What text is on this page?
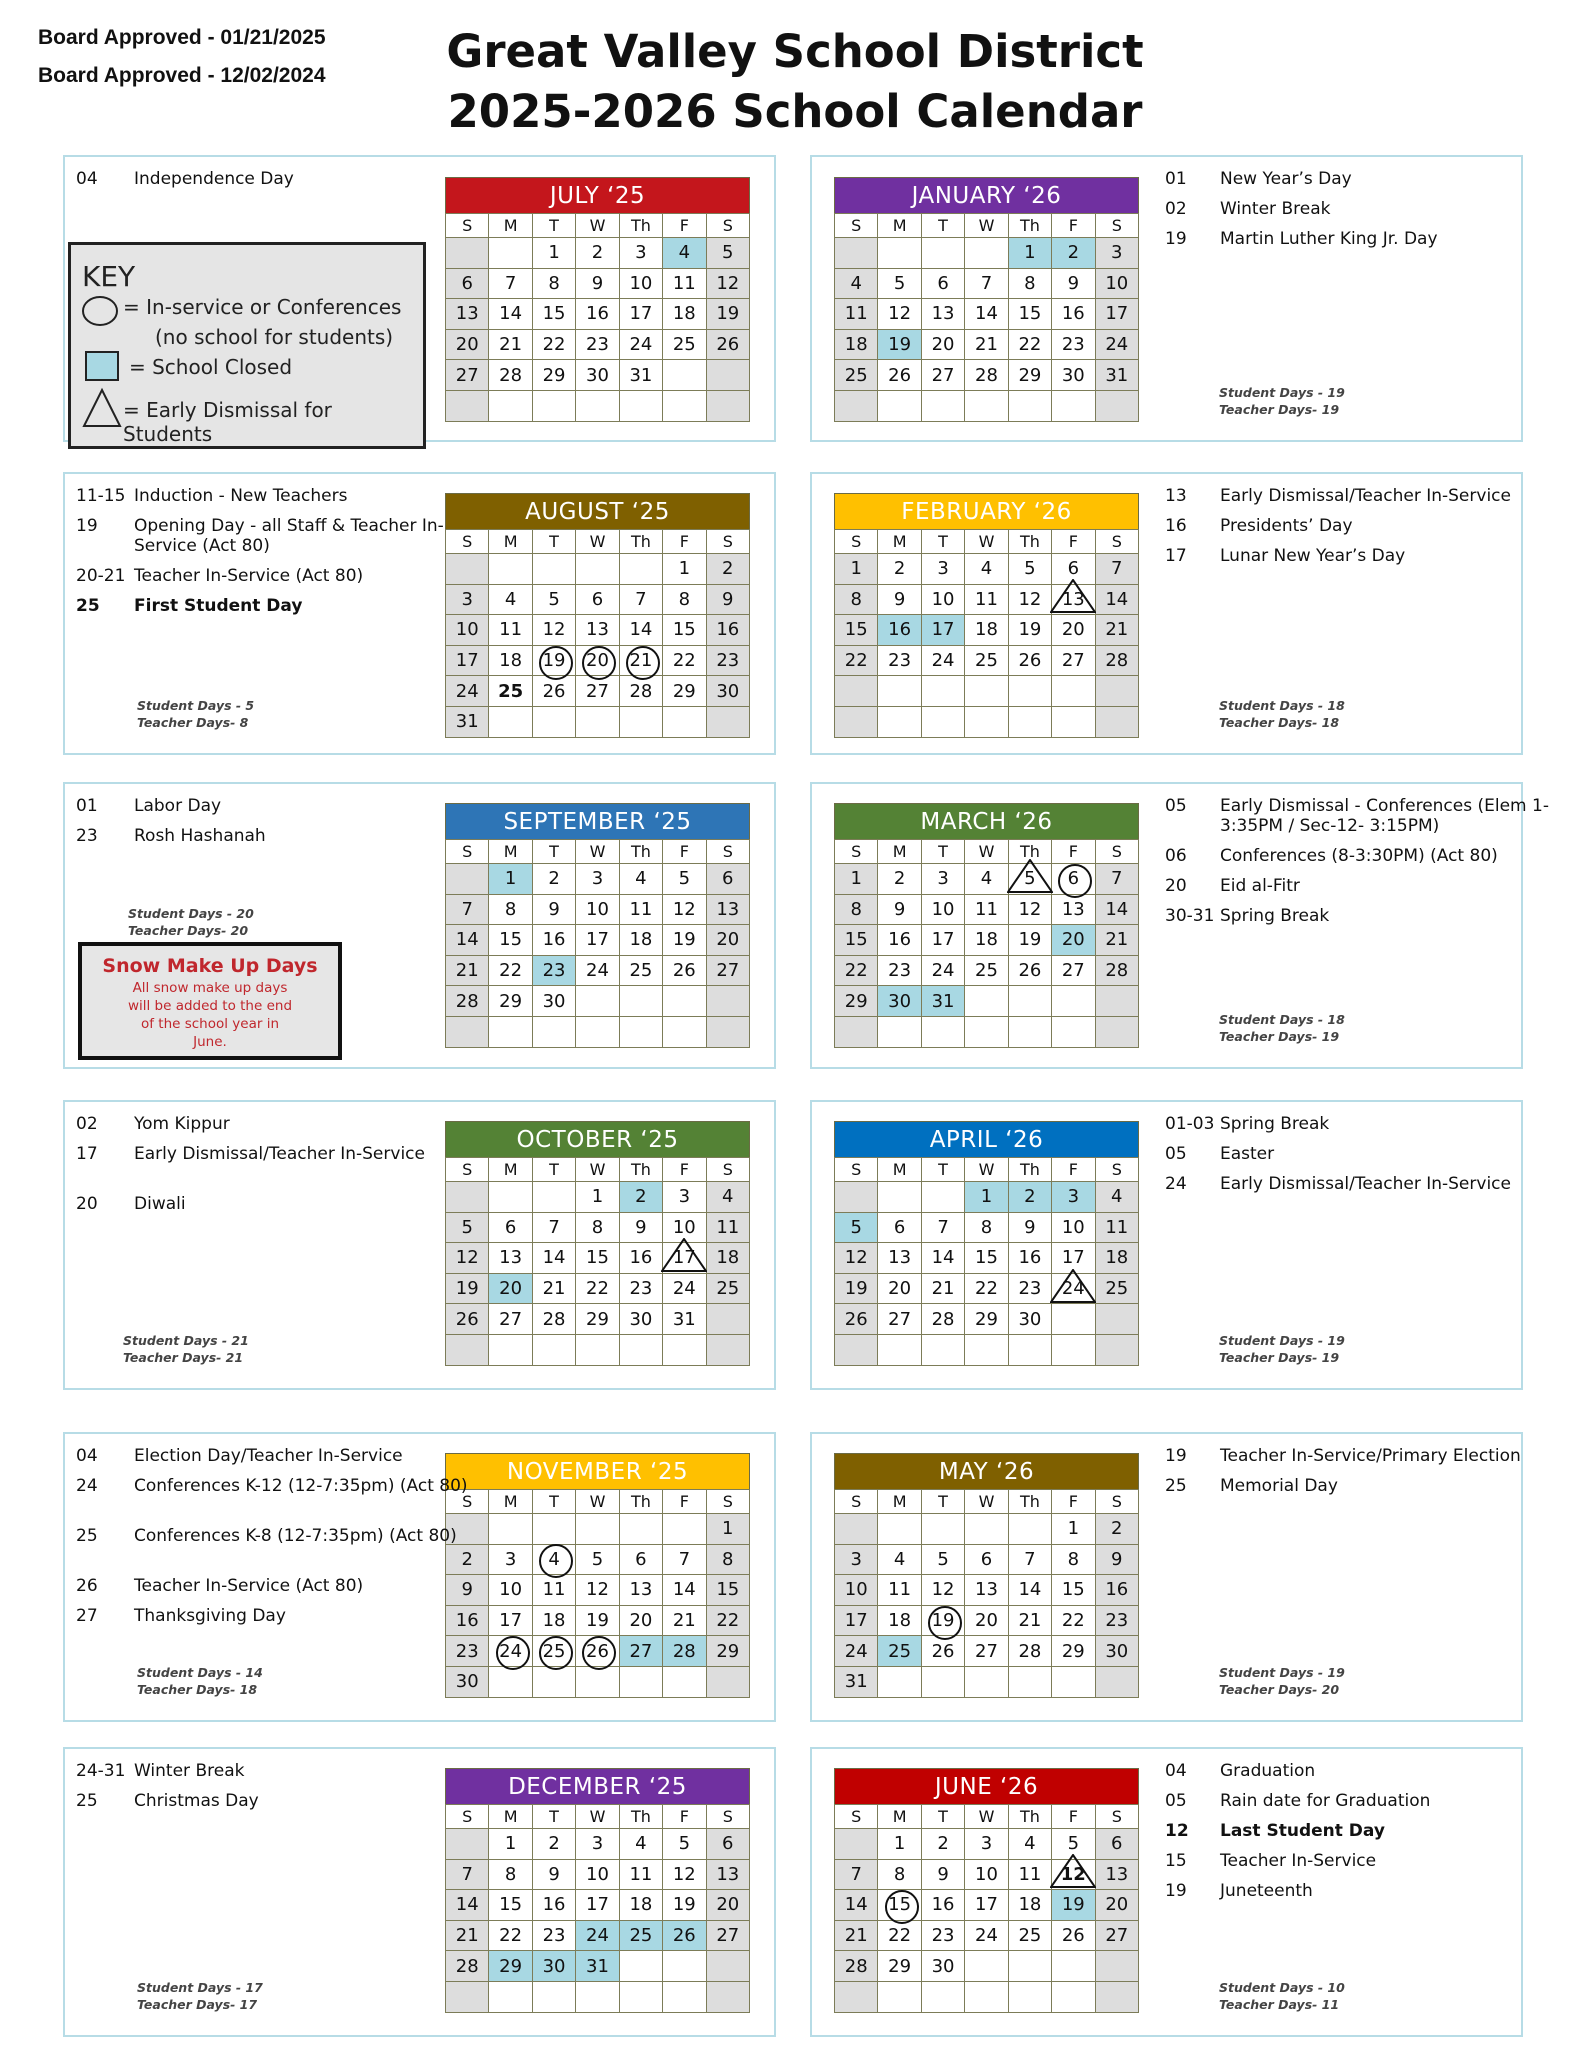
Board Approved - 01/21/2025
Board Approved - 12/02/2024	Great Valley School District
2025-2026 School Calendar
JULY ‘25
S	M	T	W	Th	F	S
		1	2	3	4	5
6	7	8	9	10	11	12
13	14	15	16	17	18	19
20	21	22	23	24	25	26
27	28	29	30	31		

04 Independence Day
JANUARY ‘26
S	M	T	W	Th	F	S
				1	2	3
4	5	6	7	8	9	10
11	12	13	14	15	16	17
18	19	20	21	22	23	24
25	26	27	28	29	30	31

01 New Year’s Day
02 Winter Break
19 Martin Luther King Jr. Day
Student Days - 19
Teacher Days- 19
AUGUST ‘25
S	M	T	W	Th	F	S
					1	2
3	4	5	6	7	8	9
10	11	12	13	14	15	16
17	18	19	20	21	22	23
24	25	26	27	28	29	30
31						
11-15 Induction - New Teachers
19 Opening Day - all Staff & Teacher In-Service (Act 80)
20-21 Teacher In-Service (Act 80)
25 First Student Day
Student Days - 5
Teacher Days- 8
FEBRUARY ‘26
S	M	T	W	Th	F	S
1	2	3	4	5	6	7
8	9	10	11	12	13	14
15	16	17	18	19	20	21
22	23	24	25	26	27	28

13 Early Dismissal/Teacher In-Service
16 Presidents’ Day
17 Lunar New Year’s Day
Student Days - 18
Teacher Days- 18
SEPTEMBER ‘25
S	M	T	W	Th	F	S
	1	2	3	4	5	6
7	8	9	10	11	12	13
14	15	16	17	18	19	20
21	22	23	24	25	26	27
28	29	30				

01 Labor Day
23 Rosh Hashanah
Student Days - 20
Teacher Days- 20
MARCH ‘26
S	M	T	W	Th	F	S
1	2	3	4	5	6	7
8	9	10	11	12	13	14
15	16	17	18	19	20	21
22	23	24	25	26	27	28
29	30	31				

05 Early Dismissal - Conferences (Elem 1-3:35PM / Sec-12- 3:15PM)
06 Conferences (8-3:30PM) (Act 80)
20 Eid al-Fitr
30-31 Spring Break
Student Days - 18
Teacher Days- 19
OCTOBER ‘25
S	M	T	W	Th	F	S
			1	2	3	4
5	6	7	8	9	10	11
12	13	14	15	16	17	18
19	20	21	22	23	24	25
26	27	28	29	30	31	

02 Yom Kippur
17 Early Dismissal/Teacher In-Service
20 Diwali
Student Days - 21
Teacher Days- 21
APRIL ‘26
S	M	T	W	Th	F	S
			1	2	3	4
5	6	7	8	9	10	11
12	13	14	15	16	17	18
19	20	21	22	23	24	25
26	27	28	29	30		

01-03 Spring Break
05 Easter
24 Early Dismissal/Teacher In-Service
Student Days - 19
Teacher Days- 19
NOVEMBER ‘25
S	M	T	W	Th	F	S
						1
2	3	4	5	6	7	8
9	10	11	12	13	14	15
16	17	18	19	20	21	22
23	24	25	26	27	28	29
30						
04 Election Day/Teacher In-Service
24 Conferences K-12 (12-7:35pm) (Act 80)
25 Conferences K-8 (12-7:35pm) (Act 80)
26 Teacher In-Service (Act 80)
27 Thanksgiving Day
Student Days - 14
Teacher Days- 18
MAY ‘26
S	M	T	W	Th	F	S
					1	2
3	4	5	6	7	8	9
10	11	12	13	14	15	16
17	18	19	20	21	22	23
24	25	26	27	28	29	30
31						
19 Teacher In-Service/Primary Election
25 Memorial Day
Student Days - 19
Teacher Days- 20
DECEMBER ‘25
S	M	T	W	Th	F	S
	1	2	3	4	5	6
7	8	9	10	11	12	13
14	15	16	17	18	19	20
21	22	23	24	25	26	27
28	29	30	31			

24-31 Winter Break
25 Christmas Day
Student Days - 17
Teacher Days- 17
JUNE ‘26
S	M	T	W	Th	F	S
	1	2	3	4	5	6
7	8	9	10	11	12	13
14	15	16	17	18	19	20
21	22	23	24	25	26	27
28	29	30				

04 Graduation
05 Rain date for Graduation
12 Last Student Day
15 Teacher In-Service
19 Juneteenth
Student Days - 10
Teacher Days- 11
KEY
= In-service or Conferences
(no school for students)
= School Closed
= Early Dismissal for Students
Snow Make Up Days
All snow make up days
will be added to the end
of the school year in
June.
